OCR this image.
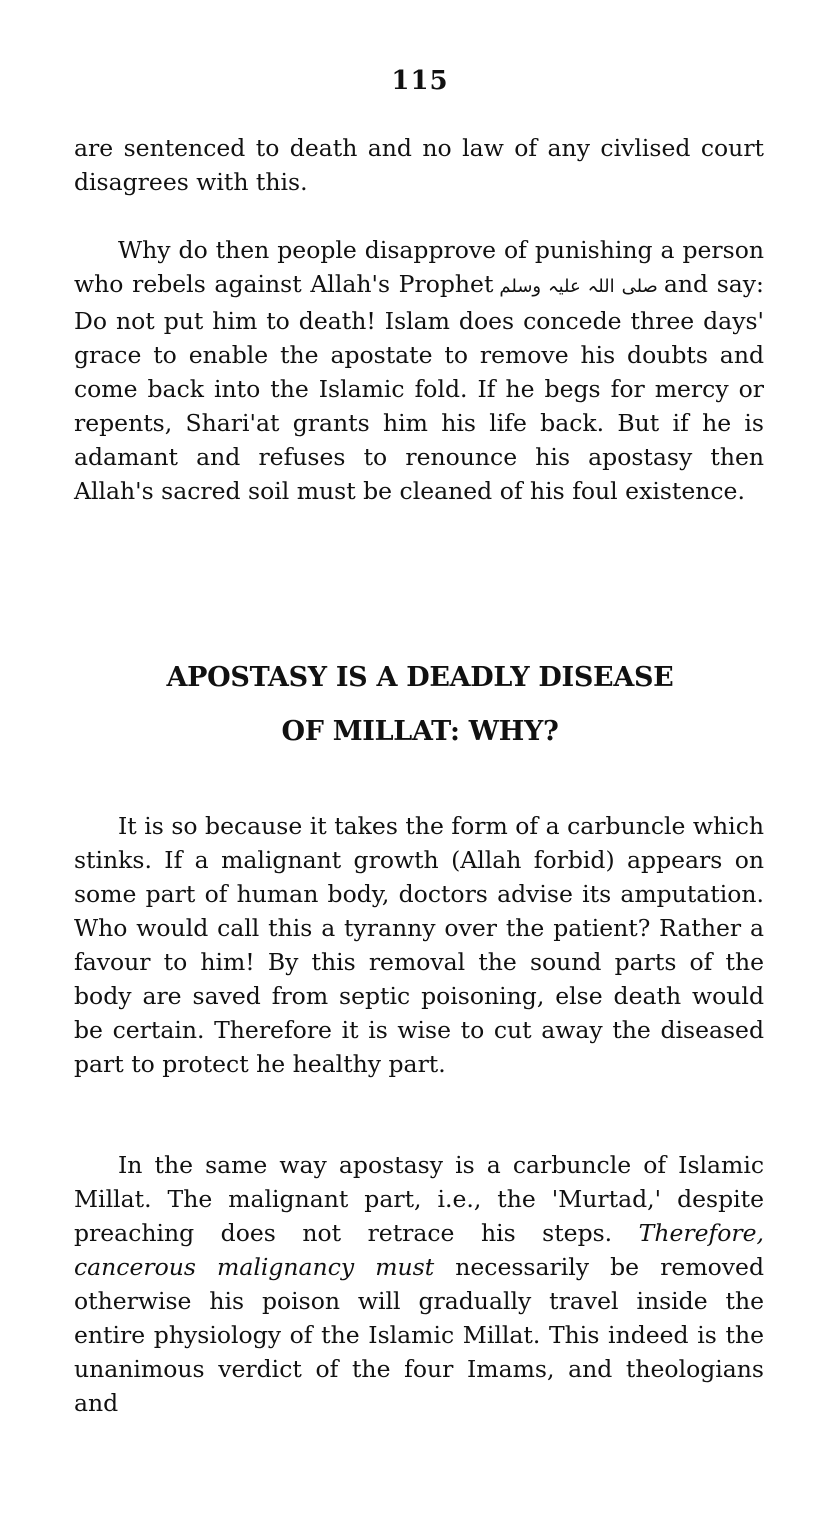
115

are sentenced to death and no law of any civlised court disagrees with this.

Why do then people disapprove of punishing a person who rebels against Allah's Prophet صلی اللہ علیہ وسلم and say: Do not put him to death! Islam does concede three days' grace to enable the apostate to remove his doubts and come back into the Islamic fold. If he begs for mercy or repents, Shari'at grants him his life back. But if he is adamant and refuses to renounce his apostasy then Allah's sacred soil must be cleaned of his foul existence.

APOSTASY IS A DEADLY DISEASE
OF MILLAT: WHY?

It is so because it takes the form of a carbuncle which stinks. If a malignant growth (Allah forbid) appears on some part of human body, doctors advise its amputation. Who would call this a tyranny over the patient? Rather a favour to him! By this removal the sound parts of the body are saved from septic poisoning, else death would be certain. Therefore it is wise to cut away the diseased part to protect he healthy part.

In the same way apostasy is a carbuncle of Islamic Millat. The malignant part, i.e., the 'Murtad,' despite preaching does not retrace his steps. Therefore, cancerous malignancy must necessarily be removed otherwise his poison will gradually travel inside the entire physiology of the Islamic Millat. This indeed is the unanimous verdict of the four Imams, and theologians and
